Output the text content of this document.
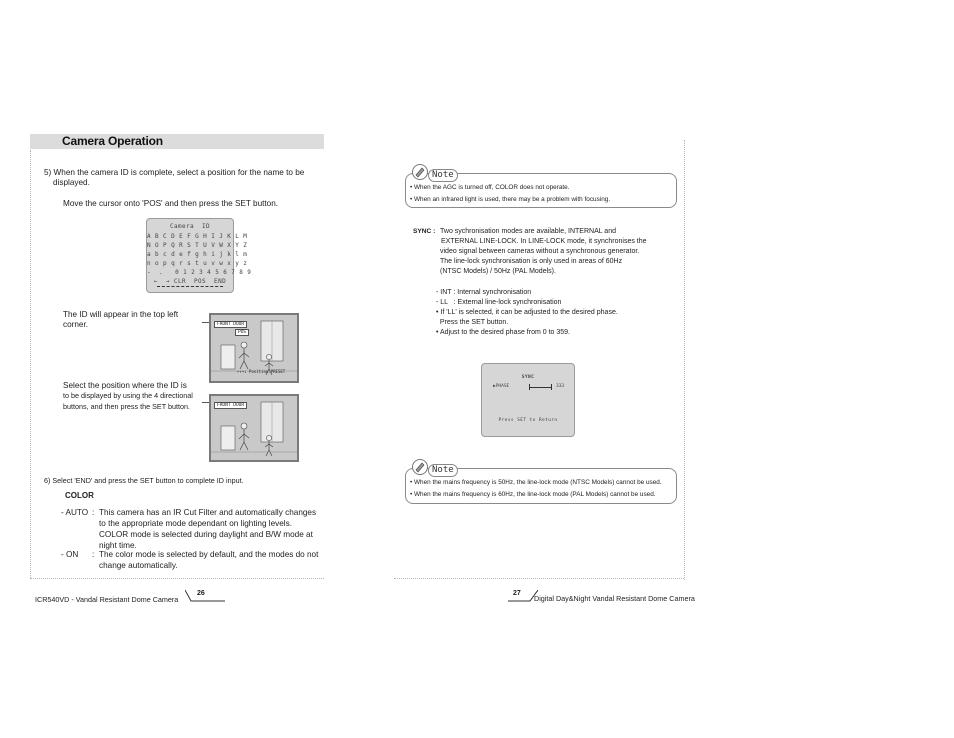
Camera Operation
5) When the camera ID is complete, select a position for the name to be
displayed.
Move the cursor onto 'POS' and then press the SET button.
Camera  ID
A B C D E F G H I J K L M
N O P Q R S T U V W X Y Z
a b c d e f g h i j k l m
n o p q r s t u v w x y z
-  .   0 1 2 3 4 5 6 7 8 9
←  → CLR  POS  END
The ID will appear in the top left
corner.	FRONT DOOR
POS
←↑→↓ Position:PRESET
Select the position where the ID is
to be displayed by using the 4 directional
buttons, and then press the SET button.	FRONT DOOR
6) Select 'END' and press the SET button to complete ID input.
COLOR
- AUTO : This camera has an IR Cut Filter and automatically changes
to the appropriate mode dependant on lighting levels.
COLOR mode is selected during daylight and B/W mode at
night time.
- ON : The color mode is selected by default, and the modes do not
change automatically.
ICR540VD - Vandal Resistant Dome Camera
26
Note
• When the AGC is turned off, COLOR does not operate.
• When an infrared light is used, there may be a problem with focusing.
SYNC : Two sychronisation modes are available, INTERNAL and
EXTERNAL LINE-LOCK. In LINE-LOCK mode, it synchronises the
video signal between cameras without a synchronous generator.
The line-lock synchronisation is only used in areas of 60Hz
(NTSC Models) / 50Hz (PAL Models).
- INT : Internal synchronisation
- LL   : External line-lock synchronisation
• If 'LL' is selected, it can be adjusted to the desired phase.
Press the SET button.
• Adjust to the desired phase from 0 to 359.
SYNC
▶PHASE	333
Press SET to Return
Note
• When the mains frequency is 50Hz, the line-lock mode (NTSC Models) cannot be used.
• When the mains frequency is 60Hz, the line-lock mode (PAL Models) cannot be used.
27
Digital Day&Night Vandal Resistant Dome Camera
